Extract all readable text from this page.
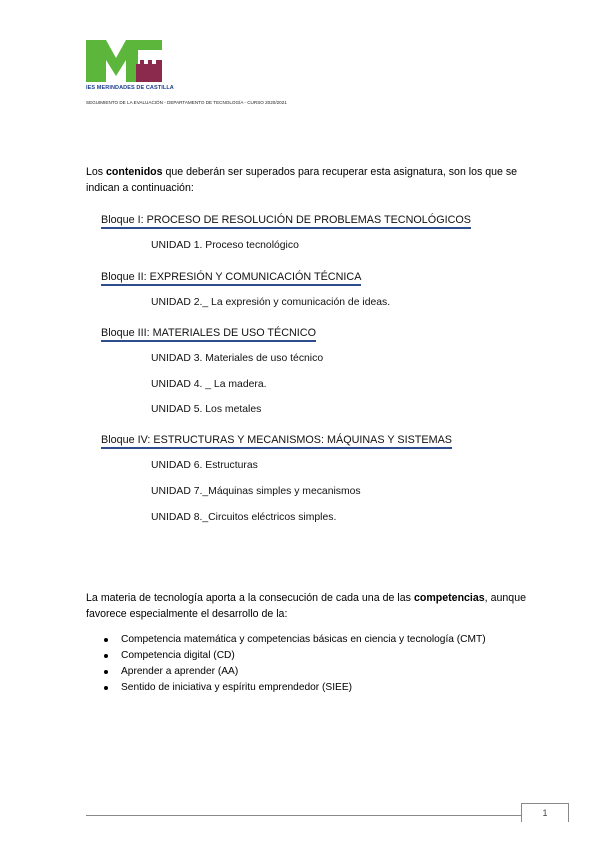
IES MERINDADES DE CASTILLA
SEGUIMIENTO DE LA EVALUACIÓN - DEPARTAMENTO DE TECNOLOGÍA - CURSO 2020/2021
Los contenidos que deberán ser superados para recuperar esta asignatura, son los que se indican a continuación:
Bloque I: PROCESO DE RESOLUCIÓN DE PROBLEMAS TECNOLÓGICOS
UNIDAD 1. Proceso tecnológico
Bloque II: EXPRESIÓN Y COMUNICACIÓN TÉCNICA
UNIDAD 2._ La expresión y comunicación de ideas.
Bloque III: MATERIALES DE USO TÉCNICO
UNIDAD 3. Materiales de uso técnico
UNIDAD 4. _ La madera.
UNIDAD 5. Los metales
Bloque IV: ESTRUCTURAS Y MECANISMOS: MÁQUINAS Y SISTEMAS
UNIDAD 6. Estructuras
UNIDAD 7._Máquinas simples y mecanismos
UNIDAD 8._Circuitos eléctricos simples.
La materia de tecnología aporta a la consecución de cada una de las competencias, aunque favorece especialmente el desarrollo de la:
Competencia matemática y competencias básicas en ciencia y tecnología (CMT)
Competencia digital (CD)
Aprender a aprender (AA)
Sentido de iniciativa y espíritu emprendedor (SIEE)
1
